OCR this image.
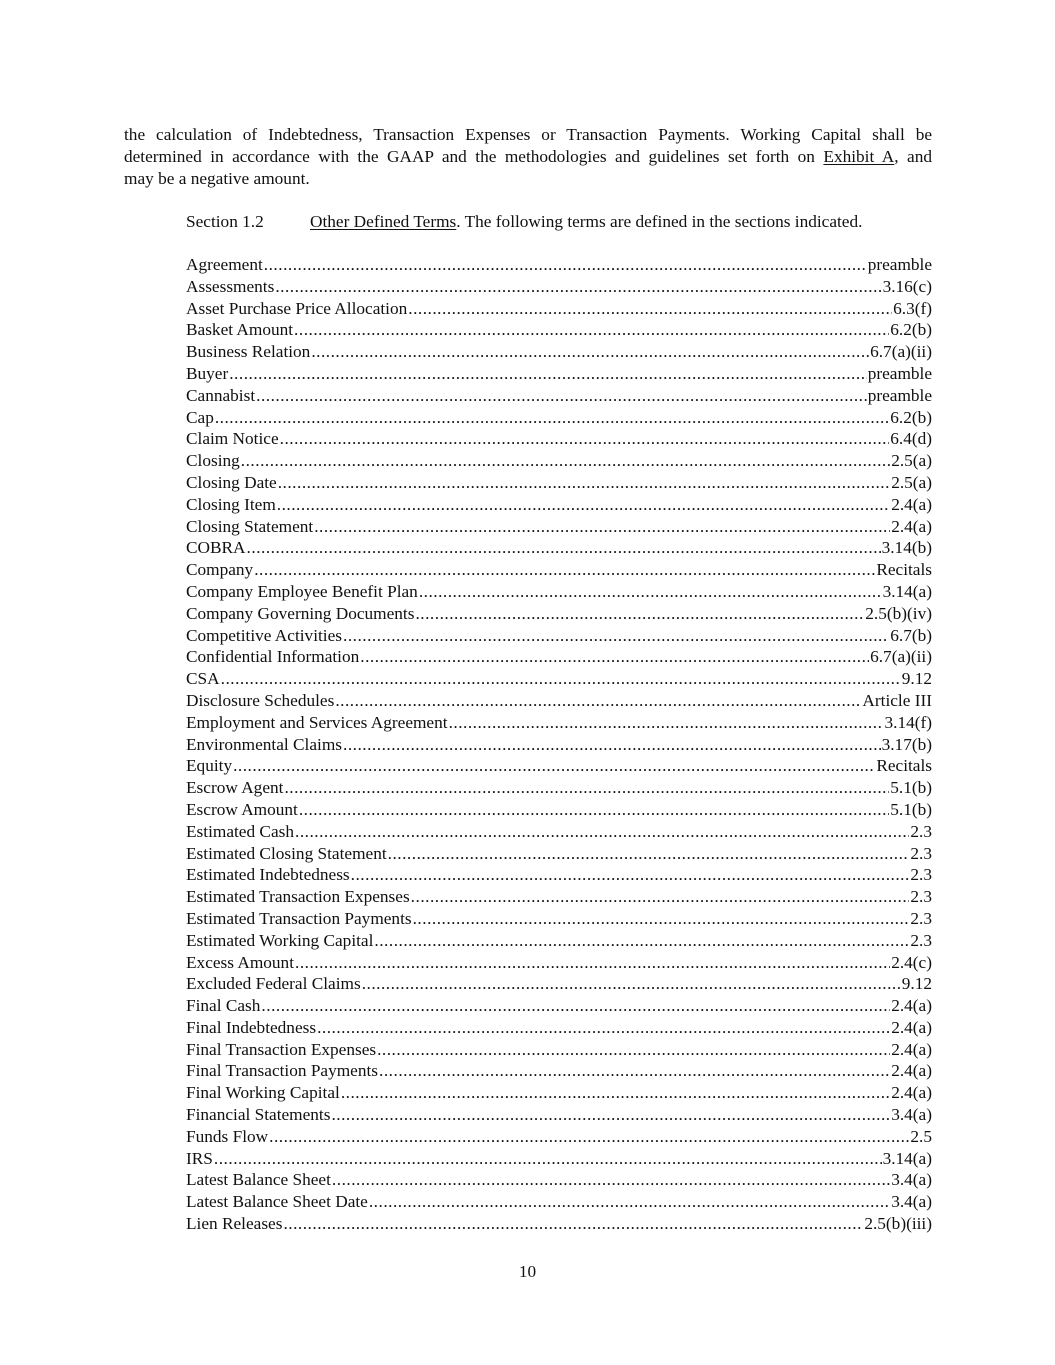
the calculation of Indebtedness, Transaction Expenses or Transaction Payments. Working Capital shall be
determined in accordance with the GAAP and the methodologies and guidelines set forth on Exhibit A, and
may be a negative amount.
Section 1.2	Other Defined Terms. The following terms are defined in the sections indicated.
Agreement .....	preamble
Assessments .....	3.16(c)
Asset Purchase Price Allocation .....	6.3(f)
Basket Amount .....	6.2(b)
Business Relation .....	6.7(a)(ii)
Buyer .....	preamble
Cannabist .....	preamble
Cap .....	6.2(b)
Claim Notice .....	6.4(d)
Closing .....	2.5(a)
Closing Date .....	2.5(a)
Closing Item .....	2.4(a)
Closing Statement .....	2.4(a)
COBRA .....	3.14(b)
Company .....	Recitals
Company Employee Benefit Plan .....	3.14(a)
Company Governing Documents .....	2.5(b)(iv)
Competitive Activities .....	6.7(b)
Confidential Information .....	6.7(a)(ii)
CSA .....	9.12
Disclosure Schedules .....	Article III
Employment and Services Agreement .....	3.14(f)
Environmental Claims .....	3.17(b)
Equity .....	Recitals
Escrow Agent .....	5.1(b)
Escrow Amount .....	5.1(b)
Estimated Cash .....	2.3
Estimated Closing Statement .....	2.3
Estimated Indebtedness .....	2.3
Estimated Transaction Expenses .....	2.3
Estimated Transaction Payments .....	2.3
Estimated Working Capital .....	2.3
Excess Amount .....	2.4(c)
Excluded Federal Claims .....	9.12
Final Cash .....	2.4(a)
Final Indebtedness .....	2.4(a)
Final Transaction Expenses .....	2.4(a)
Final Transaction Payments .....	2.4(a)
Final Working Capital .....	2.4(a)
Financial Statements .....	3.4(a)
Funds Flow .....	2.5
IRS .....	3.14(a)
Latest Balance Sheet .....	3.4(a)
Latest Balance Sheet Date .....	3.4(a)
Lien Releases .....	2.5(b)(iii)
10
